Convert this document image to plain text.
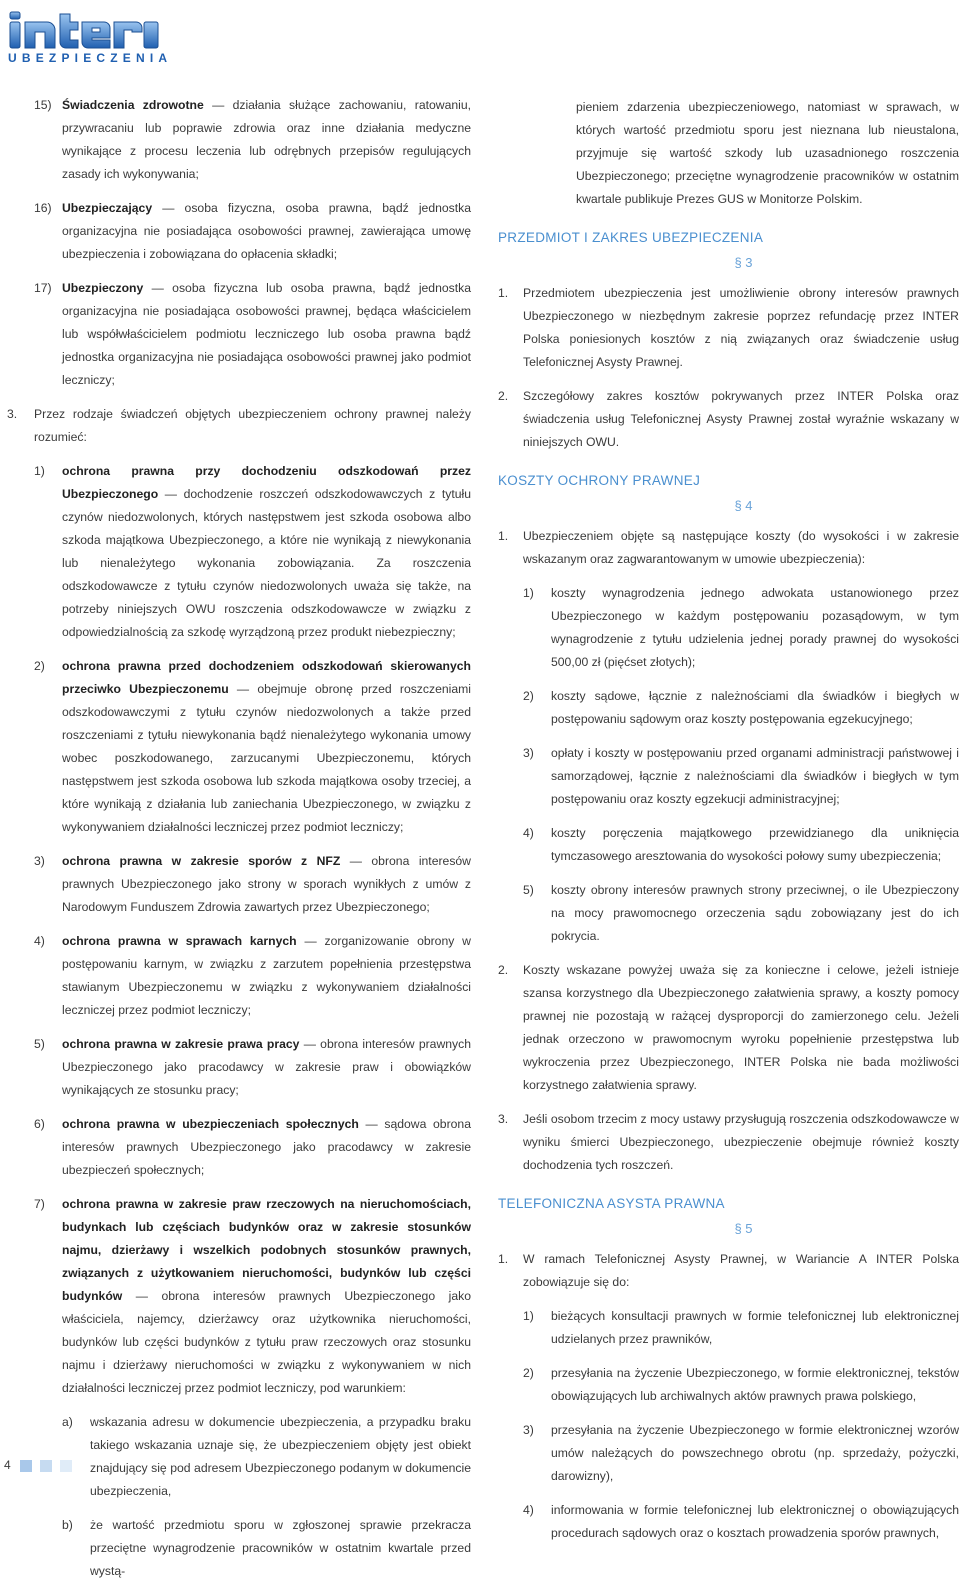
UBEZPIECZENIA

15) Świadczenia zdrowotne — działania służące zachowaniu, ratowaniu, przywracaniu lub poprawie zdrowia oraz inne działania medyczne wynikające z procesu leczenia lub odrębnych przepisów regulujących zasady ich wykonywania;

16) Ubezpieczający — osoba fizyczna, osoba prawna, bądź jednostka organizacyjna nie posiadająca osobowości prawnej, zawierająca umowę ubezpieczenia i zobowiązana do opłacenia składki;

17) Ubezpieczony — osoba fizyczna lub osoba prawna, bądź jednostka organizacyjna nie posiadająca osobowości prawnej, będąca właścicielem lub współwłaścicielem podmiotu leczniczego lub osoba prawna bądź jednostka organizacyjna nie posiadająca osobowości prawnej jako podmiot leczniczy;

3. Przez rodzaje świadczeń objętych ubezpieczeniem ochrony prawnej należy rozumieć:

1) ochrona prawna przy dochodzeniu odszkodowań przez Ubezpieczonego — dochodzenie roszczeń odszkodowawczych z tytułu czynów niedozwolonych, których następstwem jest szkoda osobowa albo szkoda majątkowa Ubezpieczonego, a które nie wynikają z niewykonania lub nienależytego wykonania zobowiązania. Za roszczenia odszkodowawcze z tytułu czynów niedozwolonych uważa się także, na potrzeby niniejszych OWU roszczenia odszkodowawcze w związku z odpowiedzialnością za szkodę wyrządzoną przez produkt niebezpieczny;

2) ochrona prawna przed dochodzeniem odszkodowań skierowanych przeciwko Ubezpieczonemu — obejmuje obronę przed roszczeniami odszkodowawczymi z tytułu czynów niedozwolonych a także przed roszczeniami z tytułu niewykonania bądź nienależytego wykonania umowy wobec poszkodowanego, zarzucanymi Ubezpieczonemu, których następstwem jest szkoda osobowa lub szkoda majątkowa osoby trzeciej, a które wynikają z działania lub zaniechania Ubezpieczonego, w związku z wykonywaniem działalności leczniczej przez podmiot leczniczy;

3) ochrona prawna w zakresie sporów z NFZ — obrona interesów prawnych Ubezpieczonego jako strony w sporach wynikłych z umów z Narodowym Funduszem Zdrowia zawartych przez Ubezpieczonego;

4) ochrona prawna w sprawach karnych — zorganizowanie obrony w postępowaniu karnym, w związku z zarzutem popełnienia przestępstwa stawianym Ubezpieczonemu w związku z wykonywaniem działalności leczniczej przez podmiot leczniczy;

5) ochrona prawna w zakresie prawa pracy — obrona interesów prawnych Ubezpieczonego jako pracodawcy w zakresie praw i obowiązków wynikających ze stosunku pracy;

6) ochrona prawna w ubezpieczeniach społecznych — sądowa obrona interesów prawnych Ubezpieczonego jako pracodawcy w zakresie ubezpieczeń społecznych;

7) ochrona prawna w zakresie praw rzeczowych na nieruchomościach, budynkach lub częściach budynków oraz w zakresie stosunków najmu, dzierżawy i wszelkich podobnych stosunków prawnych, związanych z użytkowaniem nieruchomości, budynków lub części budynków — obrona interesów prawnych Ubezpieczonego jako właściciela, najemcy, dzierżawcy oraz użytkownika nieruchomości, budynków lub części budynków z tytułu praw rzeczowych oraz stosunku najmu i dzierżawy nieruchomości w związku z wykonywaniem w nich działalności leczniczej przez podmiot leczniczy, pod warunkiem:

a) wskazania adresu w dokumencie ubezpieczenia, a przypadku braku takiego wskazania uznaje się, że ubezpieczeniem objęty jest obiekt znajdujący się pod adresem Ubezpieczonego podanym w dokumencie ubezpieczenia,

b) że wartość przedmiotu sporu w zgłoszonej sprawie przekracza przeciętne wynagrodzenie pracowników w ostatnim kwartale przed wystą-

pieniem zdarzenia ubezpieczeniowego, natomiast w sprawach, w których wartość przedmiotu sporu jest nieznana lub nieustalona, przyjmuje się wartość szkody lub uzasadnionego roszczenia Ubezpieczonego; przeciętne wynagrodzenie pracowników w ostatnim kwartale publikuje Prezes GUS w Monitorze Polskim.

PRZEDMIOT I ZAKRES UBEZPIECZENIA
§ 3

1. Przedmiotem ubezpieczenia jest umożliwienie obrony interesów prawnych Ubezpieczonego w niezbędnym zakresie poprzez refundację przez INTER Polska poniesionych kosztów z nią związanych oraz świadczenie usług Telefonicznej Asysty Prawnej.

2. Szczegółowy zakres kosztów pokrywanych przez INTER Polska oraz świadczenia usług Telefonicznej Asysty Prawnej został wyraźnie wskazany w niniejszych OWU.

KOSZTY OCHRONY PRAWNEJ
§ 4

1. Ubezpieczeniem objęte są następujące koszty (do wysokości i w zakresie wskazanym oraz zagwarantowanym w umowie ubezpieczenia):

1) koszty wynagrodzenia jednego adwokata ustanowionego przez Ubezpieczonego w każdym postępowaniu pozasądowym, w tym wynagrodzenie z tytułu udzielenia jednej porady prawnej do wysokości 500,00 zł (pięćset złotych);

2) koszty sądowe, łącznie z należnościami dla świadków i biegłych w postępowaniu sądowym oraz koszty postępowania egzekucyjnego;

3) opłaty i koszty w postępowaniu przed organami administracji państwowej i samorządowej, łącznie z należnościami dla świadków i biegłych w tym postępowaniu oraz koszty egzekucji administracyjnej;

4) koszty poręczenia majątkowego przewidzianego dla uniknięcia tymczasowego aresztowania do wysokości połowy sumy ubezpieczenia;

5) koszty obrony interesów prawnych strony przeciwnej, o ile Ubezpieczony na mocy prawomocnego orzeczenia sądu zobowiązany jest do ich pokrycia.

2. Koszty wskazane powyżej uważa się za konieczne i celowe, jeżeli istnieje szansa korzystnego dla Ubezpieczonego załatwienia sprawy, a koszty pomocy prawnej nie pozostają w rażącej dysproporcji do zamierzonego celu. Jeżeli jednak orzeczono w prawomocnym wyroku popełnienie przestępstwa lub wykroczenia przez Ubezpieczonego, INTER Polska nie bada możliwości korzystnego załatwienia sprawy.

3. Jeśli osobom trzecim z mocy ustawy przysługują roszczenia odszkodowawcze w wyniku śmierci Ubezpieczonego, ubezpieczenie obejmuje również koszty dochodzenia tych roszczeń.

TELEFONICZNA ASYSTA PRAWNA
§ 5

1. W ramach Telefonicznej Asysty Prawnej, w Wariancie A INTER Polska zobowiązuje się do:

1) bieżących konsultacji prawnych w formie telefonicznej lub elektronicznej udzielanych przez prawników,

2) przesyłania na życzenie Ubezpieczonego, w formie elektronicznej, tekstów obowiązujących lub archiwalnych aktów prawnych prawa polskiego,

3) przesyłania na życzenie Ubezpieczonego w formie elektronicznej wzorów umów należących do powszechnego obrotu (np. sprzedaży, pożyczki, darowizny),

4) informowania w formie telefonicznej lub elektronicznej o obowiązujących procedurach sądowych oraz o kosztach prowadzenia sporów prawnych,

4
